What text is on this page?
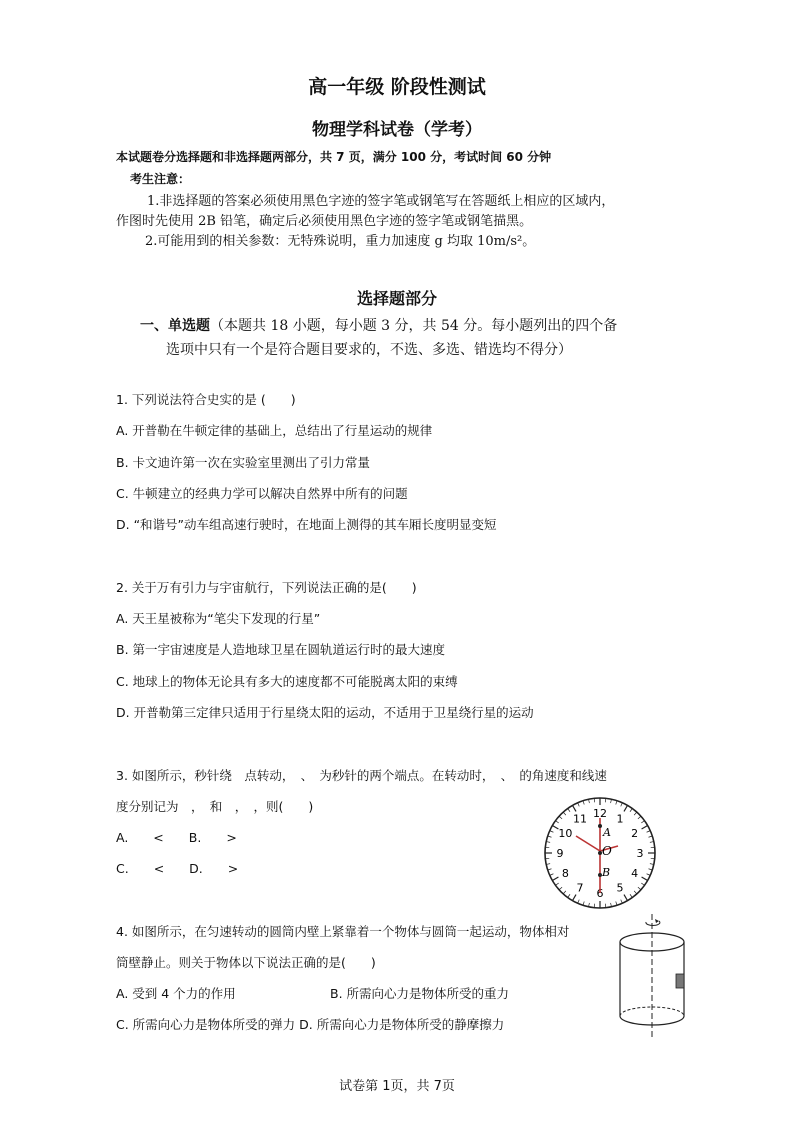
高一年级 阶段性测试
物理学科试卷（学考）
本试题卷分选择题和非选择题两部分，共 7 页，满分 100 分，考试时间 60 分钟
考生注意：
1.非选择题的答案必须使用黑色字迹的签字笔或钢笔写在答题纸上相应的区域内，
作图时先使用 2B 铅笔，确定后必须使用黑色字迹的签字笔或钢笔描黑。
2.可能用到的相关参数：无特殊说明，重力加速度 g 均取 10m/s²。
选择题部分
一、单选题（本题共 18 小题，每小题 3 分，共 54 分。每小题列出的四个备
选项中只有一个是符合题目要求的，不选、多选、错选均不得分）
1. 下列说法符合史实的是 (　　)
A. 开普勒在牛顿定律的基础上，总结出了行星运动的规律
B. 卡文迪许第一次在实验室里测出了引力常量
C. 牛顿建立的经典力学可以解决自然界中所有的问题
D. “和谐号”动车组高速行驶时，在地面上测得的其车厢长度明显变短
2. 关于万有引力与宇宙航行，下列说法正确的是(　　)
A. 天王星被称为“笔尖下发现的行星”
B. 第一宇宙速度是人造地球卫星在圆轨道运行时的最大速度
C. 地球上的物体无论具有多大的速度都不可能脱离太阳的束缚
D. 开普勒第三定律只适用于行星绕太阳的运动，不适用于卫星绕行星的运动
3. 如图所示，秒针绕　点转动，　、　为秒针的两个端点。在转动时，　、　的角速度和线速
度分别记为　，　和　，　，则(　　)
A.　　<　　B.　　>
C.　　<　　D.　　>
12 1
2
3
4
5
6
7
8
9
10
11
A
O
B
4. 如图所示，在匀速转动的圆筒内壁上紧靠着一个物体与圆筒一起运动，物体相对
筒壁静止。则关于物体以下说法正确的是(　　)
A. 受到 4 个力的作用	B. 所需向心力是物体所受的重力
C. 所需向心力是物体所受的弹力 D. 所需向心力是物体所受的静摩擦力
试卷第 1页，共 7页
